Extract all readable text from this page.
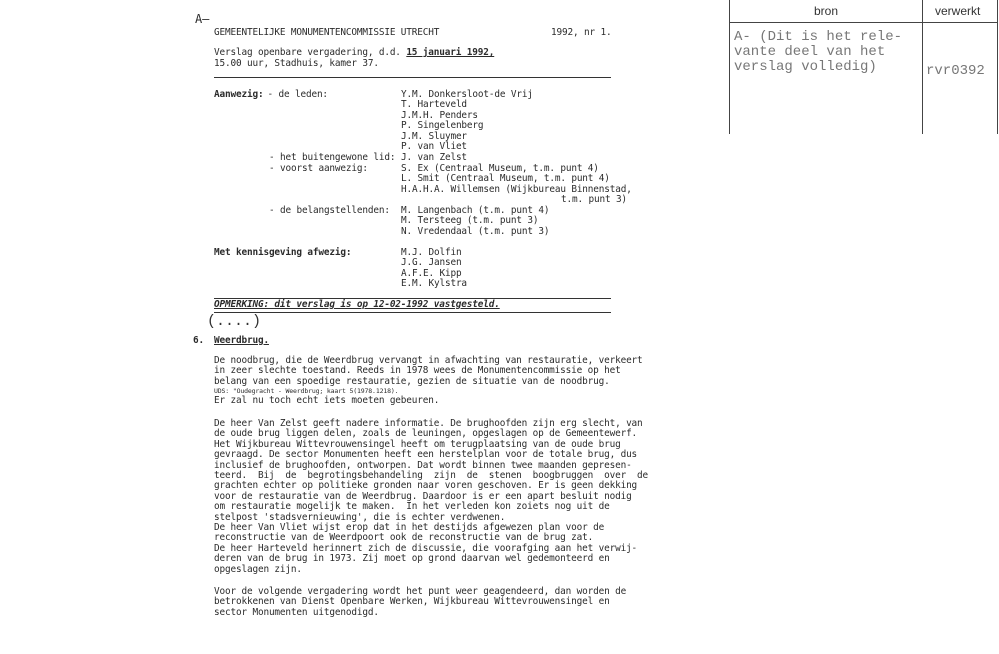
A–
GEMEENTELIJKE MONUMENTENCOMMISSIE UTRECHT	1992, nr 1.
Verslag openbare vergadering, d.d. 15 januari 1992,
15.00 uur, Stadhuis, kamer 37.
Aanwezig:
- de leden:	Y.M. Donkersloot-de Vrij
T. Harteveld
J.M.H. Penders
P. Singelenberg
J.M. Sluymer
P. van Vliet
- het buitengewone lid: J. van Zelst
- voorst aanwezig:	S. Ex (Centraal Museum, t.m. punt 4)
L. Smit (Centraal Museum, t.m. punt 4)
H.A.H.A. Willemsen (Wijkbureau Binnenstad,
t.m. punt 3)
- de belangstellenden: M. Langenbach (t.m. punt 4)
M. Tersteeg (t.m. punt 3)
N. Vredendaal (t.m. punt 3)
Met kennisgeving afwezig:	M.J. Dolfin
J.G. Jansen
A.F.E. Kipp
E.M. Kylstra
OPMERKING: dit verslag is op 12-02-1992 vastgesteld.
(....)
6. Weerdbrug.
De noodbrug, die de Weerdbrug vervangt in afwachting van restauratie, verkeert
in zeer slechte toestand. Reeds in 1978 wees de Monumentencommissie op het
belang van een spoedige restauratie, gezien de situatie van de noodbrug.
UDS: "Oudegracht - Weerdbrug; kaart 5(1978.1218).
Er zal nu toch echt iets moeten gebeuren.
De heer Van Zelst geeft nadere informatie. De brughoofden zijn erg slecht, van
de oude brug liggen delen, zoals de leuningen, opgeslagen op de Gemeentewerf.
Het Wijkbureau Wittevrouwensingel heeft om terugplaatsing van de oude brug
gevraagd. De sector Monumenten heeft een herstelplan voor de totale brug, dus
inclusief de brughoofden, ontworpen. Dat wordt binnen twee maanden gepresen-
teerd.  Bij  de  begrotingsbehandeling  zijn  de  stenen  boogbruggen  over  de
grachten echter op politieke gronden naar voren geschoven. Er is geen dekking
voor de restauratie van de Weerdbrug. Daardoor is er een apart besluit nodig
om restauratie mogelijk te maken.  In het verleden kon zoiets nog uit de
stelpost 'stadsvernieuwing', die is echter verdwenen.
De heer Van Vliet wijst erop dat in het destijds afgewezen plan voor de
reconstructie van de Weerdpoort ook de reconstructie van de brug zat.
De heer Harteveld herinnert zich de discussie, die voorafging aan het verwij-
deren van de brug in 1973. Zij moet op grond daarvan wel gedemonteerd en
opgeslagen zijn.
Voor de volgende vergadering wordt het punt weer geagendeerd, dan worden de
betrokkenen van Dienst Openbare Werken, Wijkbureau Wittevrouwensingel en
sector Monumenten uitgenodigd.
bron	verwerkt
A- (Dit is het rele-
vante deel van het
verslag volledig)	rvr0392
